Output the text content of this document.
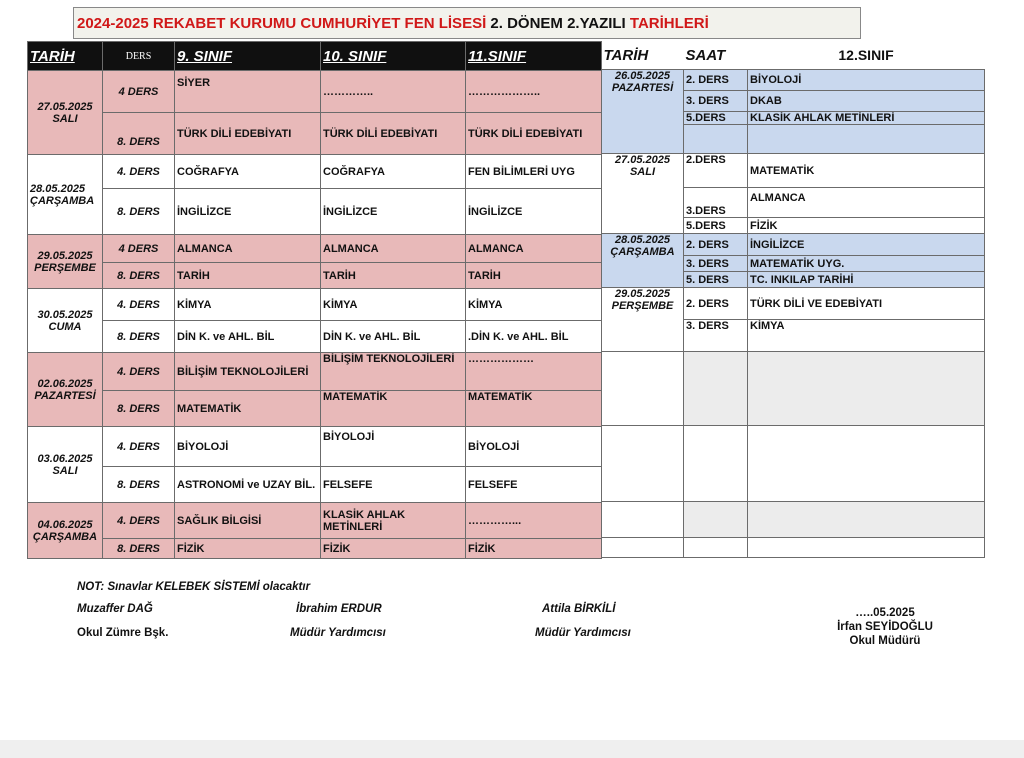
2024-2025 REKABET KURUMU CUMHURİYET FEN LİSESİ 2. DÖNEM 2.YAZILI TARİHLERİ
TARİH	DERS	9. SINIF	10. SINIF	11.SINIF
27.05.2025
SALI	4 DERS	SİYER	…………..	………………..
	8. DERS	TÜRK DİLİ EDEBİYATI	TÜRK DİLİ EDEBİYATI	TÜRK DİLİ EDEBİYATI
28.05.2025
ÇARŞAMBA	4. DERS	COĞRAFYA	COĞRAFYA	FEN BİLİMLERİ UYG
	8. DERS	İNGİLİZCE	İNGİLİZCE	İNGİLİZCE
29.05.2025
PERŞEMBE	4 DERS	ALMANCA	ALMANCA	ALMANCA
	8. DERS	TARİH	TARİH	TARİH
30.05.2025
CUMA	4. DERS	KİMYA	KİMYA	KİMYA
	8. DERS	DİN K. ve AHL. BİL	DİN K. ve AHL. BİL	.DİN K. ve AHL. BİL
02.06.2025
PAZARTESİ	4. DERS	BİLİŞİM TEKNOLOJİLERİ	BİLİŞİM TEKNOLOJİLERİ	………………
	8. DERS	MATEMATİK	MATEMATİK	MATEMATİK
03.06.2025
SALI	4. DERS	BİYOLOJİ	BİYOLOJİ	BİYOLOJİ
	8. DERS	ASTRONOMİ ve UZAY BİL.	FELSEFE	FELSEFE
04.06.2025
ÇARŞAMBA	4. DERS	SAĞLIK BİLGİSİ	KLASİK AHLAK METİNLERİ	…………...
	8. DERS	FİZİK	FİZİK	FİZİK
TARİH	SAAT	12.SINIF
26.05.2025
PAZARTESİ	2. DERS	BİYOLOJİ
	3. DERS	DKAB
	5.DERS	KLASİK AHLAK METİNLERİ

27.05.2025
SALI	2.DERS	MATEMATİK
	3.DERS	ALMANCA
	5.DERS	FİZİK
28.05.2025
ÇARŞAMBA	2. DERS	İNGİLİZCE
	3. DERS	MATEMATİK UYG.
	5. DERS	TC. INKILAP TARİHİ
29.05.2025
PERŞEMBE	2. DERS	TÜRK DİLİ VE EDEBİYATI
	3. DERS	KİMYA

NOT: Sınavlar KELEBEK SİSTEMİ olacaktır
Muzaffer DAĞ
Okul Zümre Bşk.
İbrahim ERDUR
Müdür Yardımcısı
Attila BİRKİLİ
Müdür Yardımcısı
…..05.2025
İrfan SEYİDOĞLU
Okul Müdürü
